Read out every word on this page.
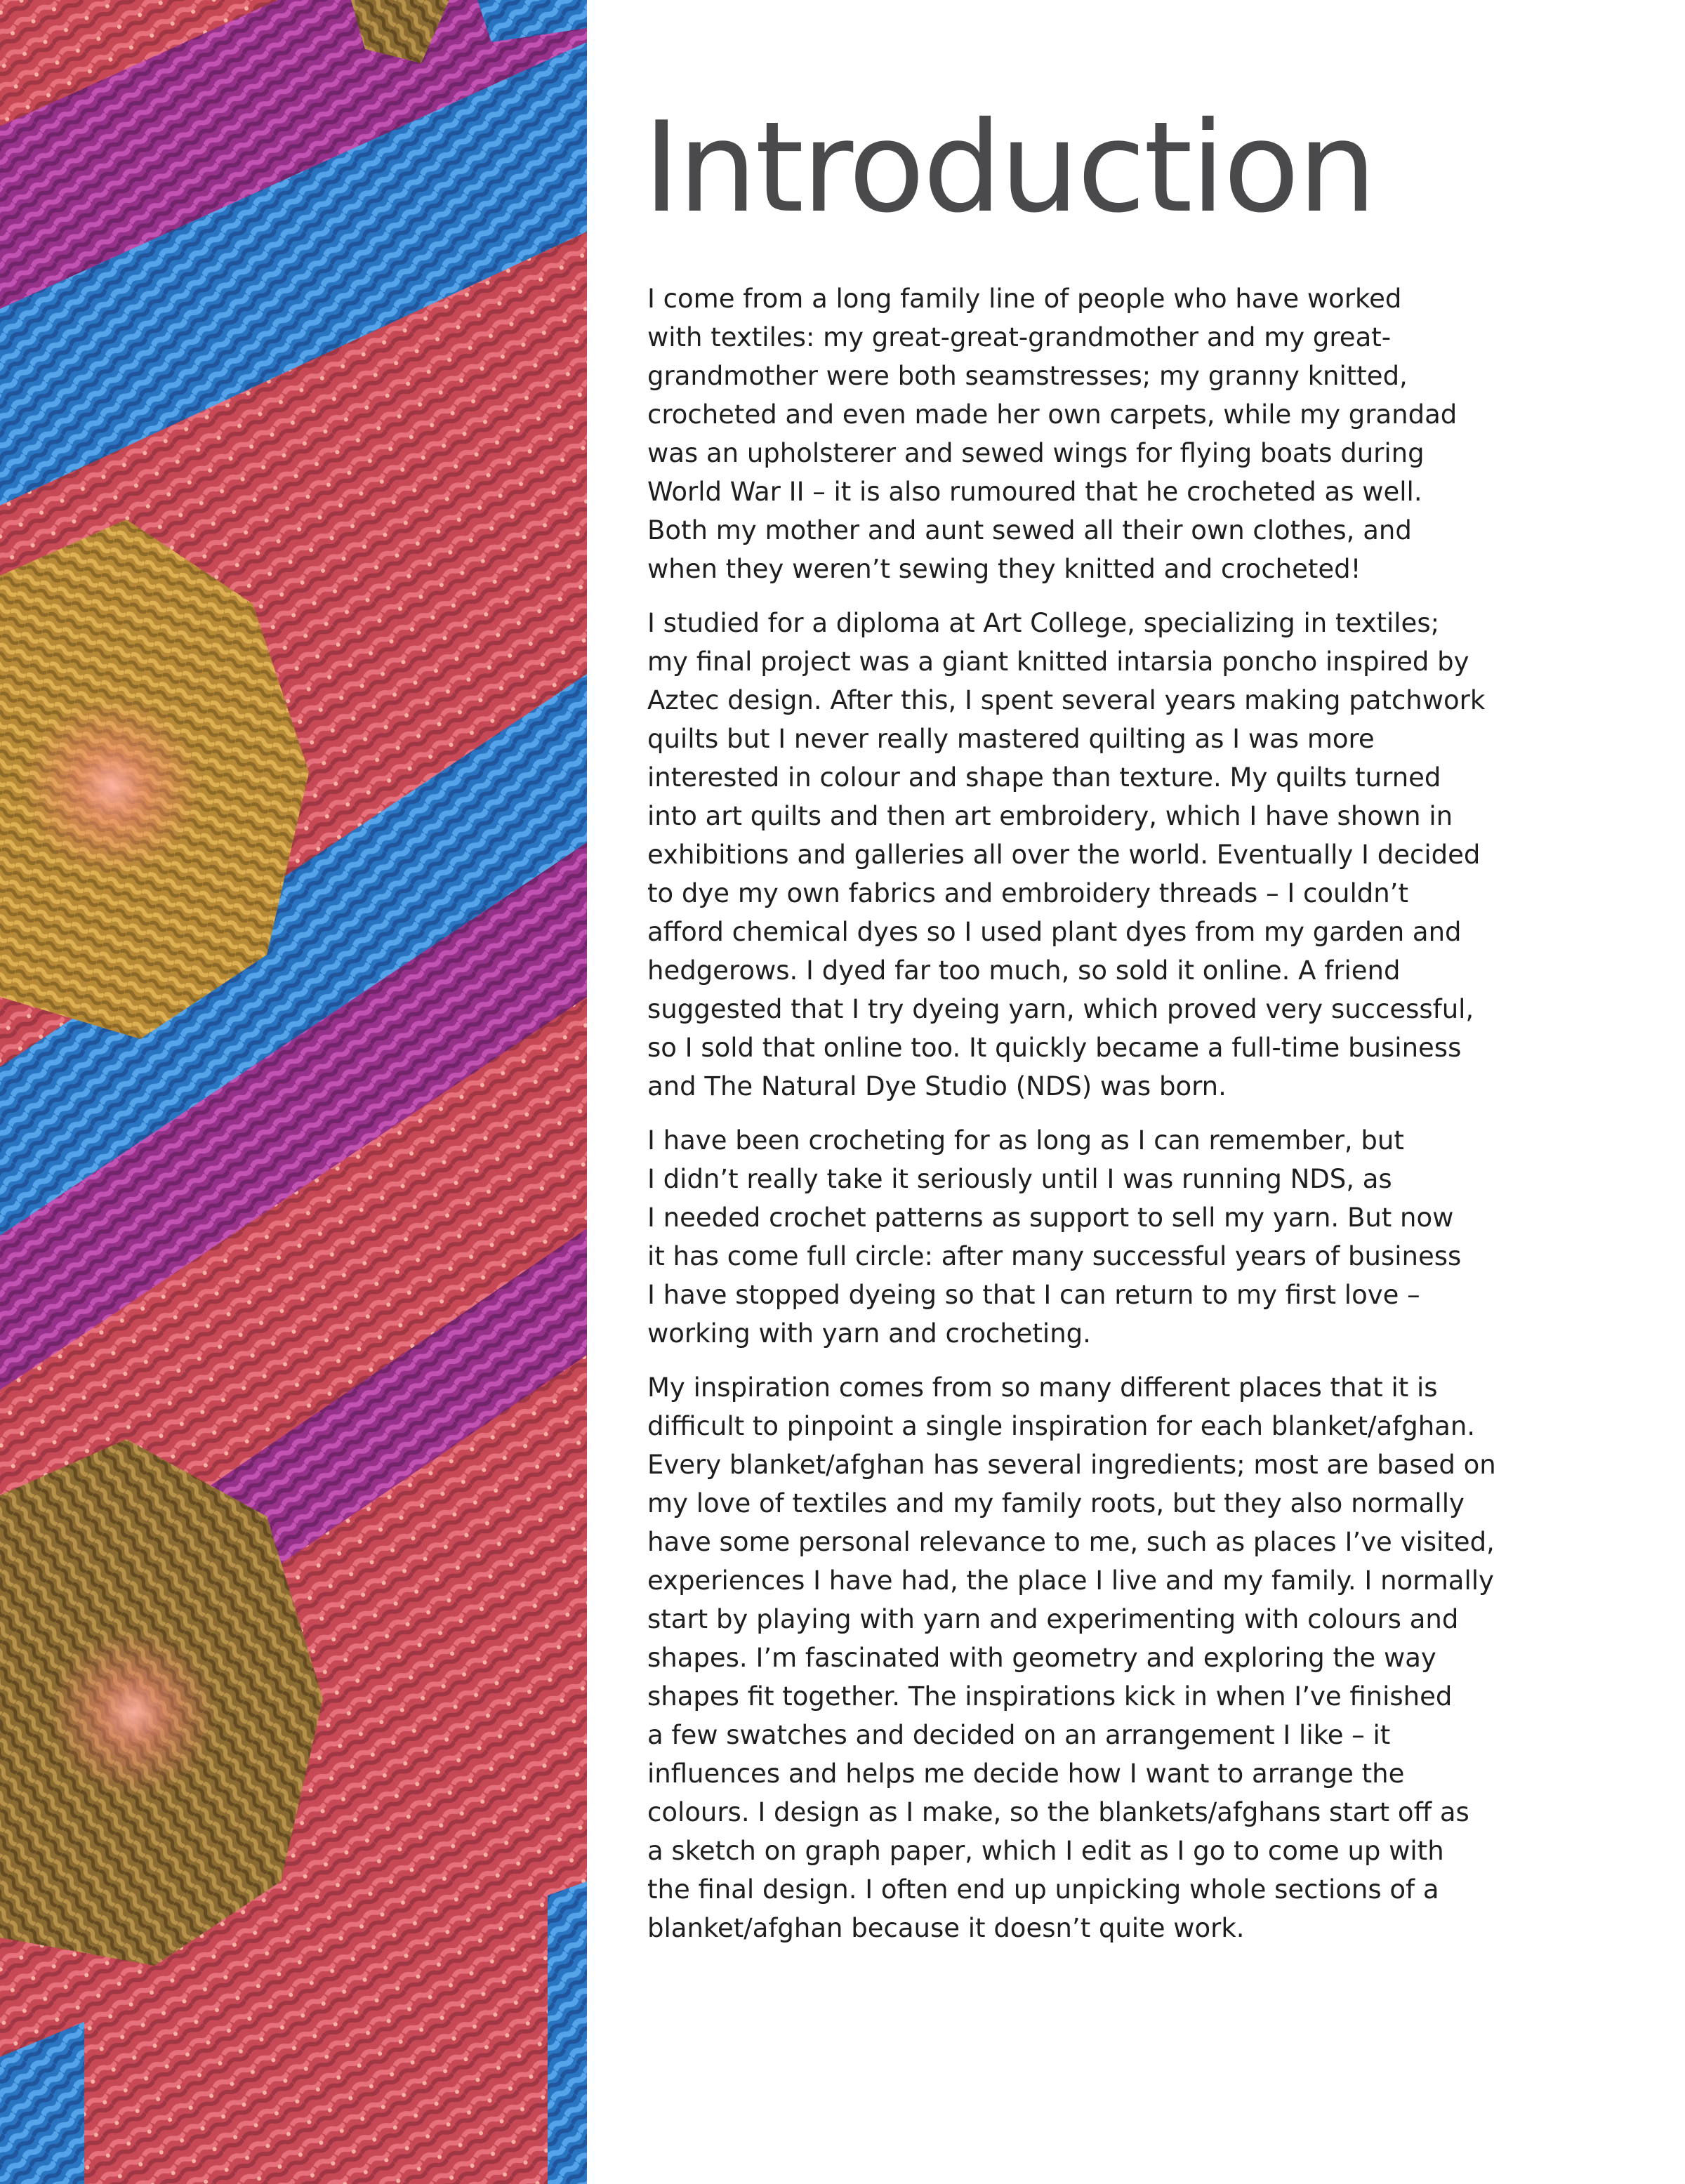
Introduction

I come from a long family line of people who have worked
with textiles: my great-great-grandmother and my great-
grandmother were both seamstresses; my granny knitted,
crocheted and even made her own carpets, while my grandad
was an upholsterer and sewed wings for flying boats during
World War II – it is also rumoured that he crocheted as well.
Both my mother and aunt sewed all their own clothes, and
when they weren’t sewing they knitted and crocheted!

I studied for a diploma at Art College, specializing in textiles;
my final project was a giant knitted intarsia poncho inspired by
Aztec design. After this, I spent several years making patchwork
quilts but I never really mastered quilting as I was more
interested in colour and shape than texture. My quilts turned
into art quilts and then art embroidery, which I have shown in
exhibitions and galleries all over the world. Eventually I decided
to dye my own fabrics and embroidery threads – I couldn’t
afford chemical dyes so I used plant dyes from my garden and
hedgerows. I dyed far too much, so sold it online. A friend
suggested that I try dyeing yarn, which proved very successful,
so I sold that online too. It quickly became a full-time business
and The Natural Dye Studio (NDS) was born.

I have been crocheting for as long as I can remember, but
I didn’t really take it seriously until I was running NDS, as
I needed crochet patterns as support to sell my yarn. But now
it has come full circle: after many successful years of business
I have stopped dyeing so that I can return to my first love –
working with yarn and crocheting.

My inspiration comes from so many different places that it is
difficult to pinpoint a single inspiration for each blanket/afghan.
Every blanket/afghan has several ingredients; most are based on
my love of textiles and my family roots, but they also normally
have some personal relevance to me, such as places I’ve visited,
experiences I have had, the place I live and my family. I normally
start by playing with yarn and experimenting with colours and
shapes. I’m fascinated with geometry and exploring the way
shapes fit together. The inspirations kick in when I’ve finished
a few swatches and decided on an arrangement I like – it
influences and helps me decide how I want to arrange the
colours. I design as I make, so the blankets/afghans start off as
a sketch on graph paper, which I edit as I go to come up with
the final design. I often end up unpicking whole sections of a
blanket/afghan because it doesn’t quite work.
